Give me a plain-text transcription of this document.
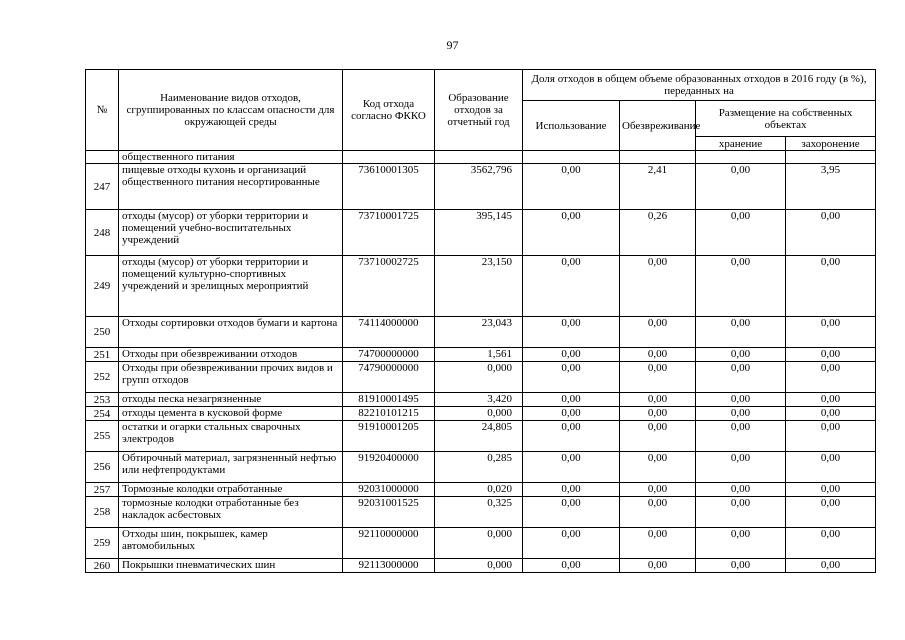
97
№	Наименование видов отходов, сгруппированных по классам опасности для окружающей среды	Код отхода согласно ФККО	Образование отходов за отчетный год	Доля отходов в общем объеме образованных отходов в 2016 году (в %), переданных на			
				Использование	Обезвреживание	Размещение на собственных объектах	
						хранение	захоронение
	общественного питания						
247	пищевые отходы кухонь и организаций общественного питания несортированные	73610001305	3562,796	0,00	2,41	0,00	3,95
248	отходы (мусор) от уборки территории и помещений учебно-воспитательных учреждений	73710001725	395,145	0,00	0,26	0,00	0,00
249	отходы (мусор) от уборки территории и помещений культурно-спортивных учреждений и зрелищных мероприятий	73710002725	23,150	0,00	0,00	0,00	0,00
250	Отходы сортировки отходов бумаги и картона	74114000000	23,043	0,00	0,00	0,00	0,00
251	Отходы при обезвреживании отходов	74700000000	1,561	0,00	0,00	0,00	0,00
252	Отходы при обезвреживании прочих видов и групп отходов	74790000000	0,000	0,00	0,00	0,00	0,00
253	отходы песка незагрязненные	81910001495	3,420	0,00	0,00	0,00	0,00
254	отходы цемента в кусковой форме	82210101215	0,000	0,00	0,00	0,00	0,00
255	остатки и огарки стальных сварочных электродов	91910001205	24,805	0,00	0,00	0,00	0,00
256	Обтирочный материал, загрязненный нефтью или нефтепродуктами	91920400000	0,285	0,00	0,00	0,00	0,00
257	Тормозные колодки отработанные	92031000000	0,020	0,00	0,00	0,00	0,00
258	тормозные колодки отработанные без накладок асбестовых	92031001525	0,325	0,00	0,00	0,00	0,00
259	Отходы шин, покрышек, камер автомобильных	92110000000	0,000	0,00	0,00	0,00	0,00
260	Покрышки пневматических шин	92113000000	0,000	0,00	0,00	0,00	0,00
